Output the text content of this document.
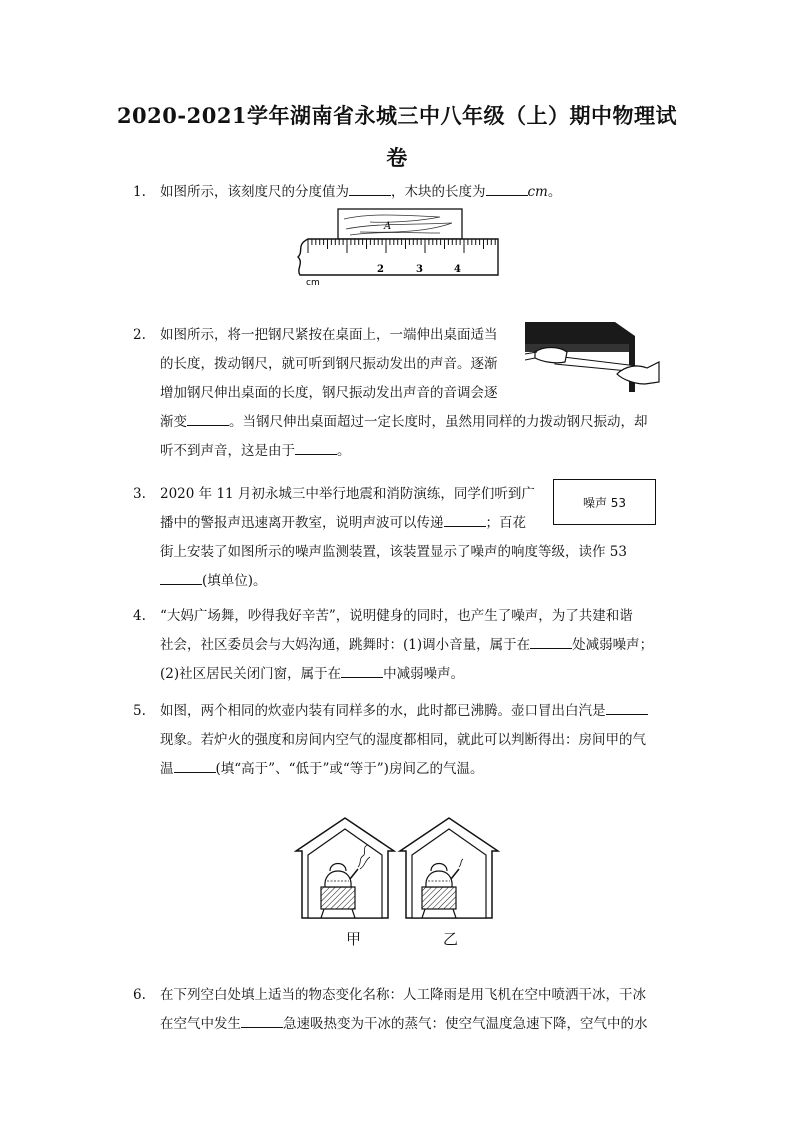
2020-2021学年湖南省永城三中八年级（上）期中物理试
卷
1. 如图所示，该刻度尺的分度值为	，木块的长度为	cm。
A
2	3	4
cm
2. 如图所示，将一把钢尺紧按在桌面上，一端伸出桌面适当
的长度，拨动钢尺，就可听到钢尺振动发出的声音。逐渐
增加钢尺伸出桌面的长度，钢尺振动发出声音的音调会逐
渐变	。当钢尺伸出桌面超过一定长度时，虽然用同样的力拨动钢尺振动，却
听不到声音，这是由于	。
3. 2020 年 11 月初永城三中举行地震和消防演练，同学们听到广
播中的警报声迅速离开教室，说明声波可以传递	；百花
街上安装了如图所示的噪声监测装置，该装置显示了噪声的响度等级，读作 53
(填单位)。
噪声 53
4. “大妈广场舞，吵得我好辛苦”，说明健身的同时，也产生了噪声，为了共建和谐
社会，社区委员会与大妈沟通，跳舞时：(1)调小音量，属于在	处减弱噪声；
(2)社区居民关闭门窗，属于在	中减弱噪声。
5. 如图，两个相同的炊壶内装有同样多的水，此时都已沸腾。壶口冒出白汽是
现象。若炉火的强度和房间内空气的湿度都相同，就此可以判断得出：房间甲的气
温	(填“高于”、“低于”或“等于”)房间乙的气温。
甲	乙
6. 在下列空白处填上适当的物态变化名称：人工降雨是用飞机在空中喷洒干冰，干冰
在空气中发生	急速吸热变为干冰的蒸气：使空气温度急速下降，空气中的水
